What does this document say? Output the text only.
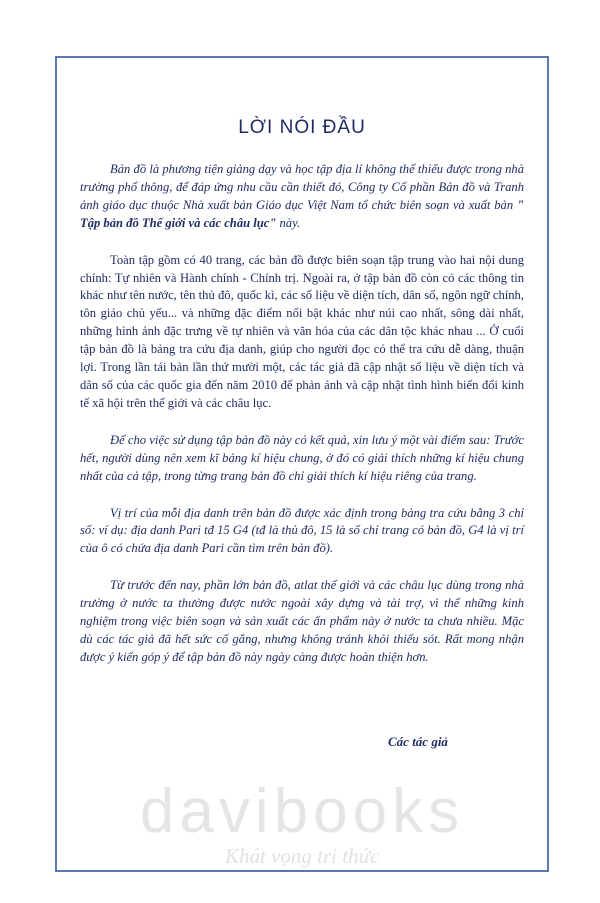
LỜI NÓI ĐẦU

Bản đồ là phương tiện giảng dạy và học tập địa lí không thể thiếu được trong nhà trường phổ thông, để đáp ứng nhu cầu cần thiết đó, Công ty Cổ phần Bản đồ và Tranh ảnh giáo dục thuộc Nhà xuất bản Giáo dục Việt Nam tổ chức biên soạn và xuất bản " Tập bản đồ Thế giới và các châu lục" này.

Toàn tập gồm có 40 trang, các bản đồ được biên soạn tập trung vào hai nội dung chính: Tự nhiên và Hành chính - Chính trị. Ngoài ra, ở tập bản đồ còn có các thông tin khác như tên nước, tên thủ đô, quốc kì, các số liệu về diện tích, dân số, ngôn ngữ chính, tôn giáo chủ yếu... và những đặc điểm nổi bật khác như núi cao nhất, sông dài nhất, những hình ảnh đặc trưng về tự nhiên và văn hóa của các dân tộc khác nhau ... Ở cuối tập bản đồ là bảng tra cứu địa danh, giúp cho người đọc có thể tra cứu dễ dàng, thuận lợi. Trong lần tái bản lần thứ mười một, các tác giả đã cập nhật số liệu về diện tích và dân số của các quốc gia đến năm 2010 để phản ánh và cập nhật tình hình biến đổi kinh tế xã hội trên thế giới và các châu lục.

Để cho việc sử dụng tập bản đồ này có kết quả, xin lưu ý một vài điểm sau: Trước hết, người dùng nên xem kĩ bảng kí hiệu chung, ở đó có giải thích những kí hiệu chung nhất của cả tập, trong từng trang bản đồ chỉ giải thích kí hiệu riêng của trang.

Vị trí của mỗi địa danh trên bản đồ được xác định trong bảng tra cứu bằng 3 chỉ số: ví dụ: địa danh Pari tđ 15 G4 (tđ là thủ đô, 15 là số chỉ trang có bản đồ, G4 là vị trí của ô có chứa địa danh Pari cần tìm trên bản đồ).

Từ trước đến nay, phần lớn bản đồ, atlat thế giới và các châu lục dùng trong nhà trường ở nước ta thường được nước ngoài xây dựng và tài trợ, vì thế những kinh nghiệm trong việc biên soạn và sản xuất các ấn phẩm này ở nước ta chưa nhiều. Mặc dù các tác giả đã hết sức cố gắng, nhưng không tránh khỏi thiếu sót. Rất mong nhận được ý kiến góp ý để tập bản đồ này ngày càng được hoàn thiện hơn.

Các tác giả
davibooks
Khát vọng tri thức
